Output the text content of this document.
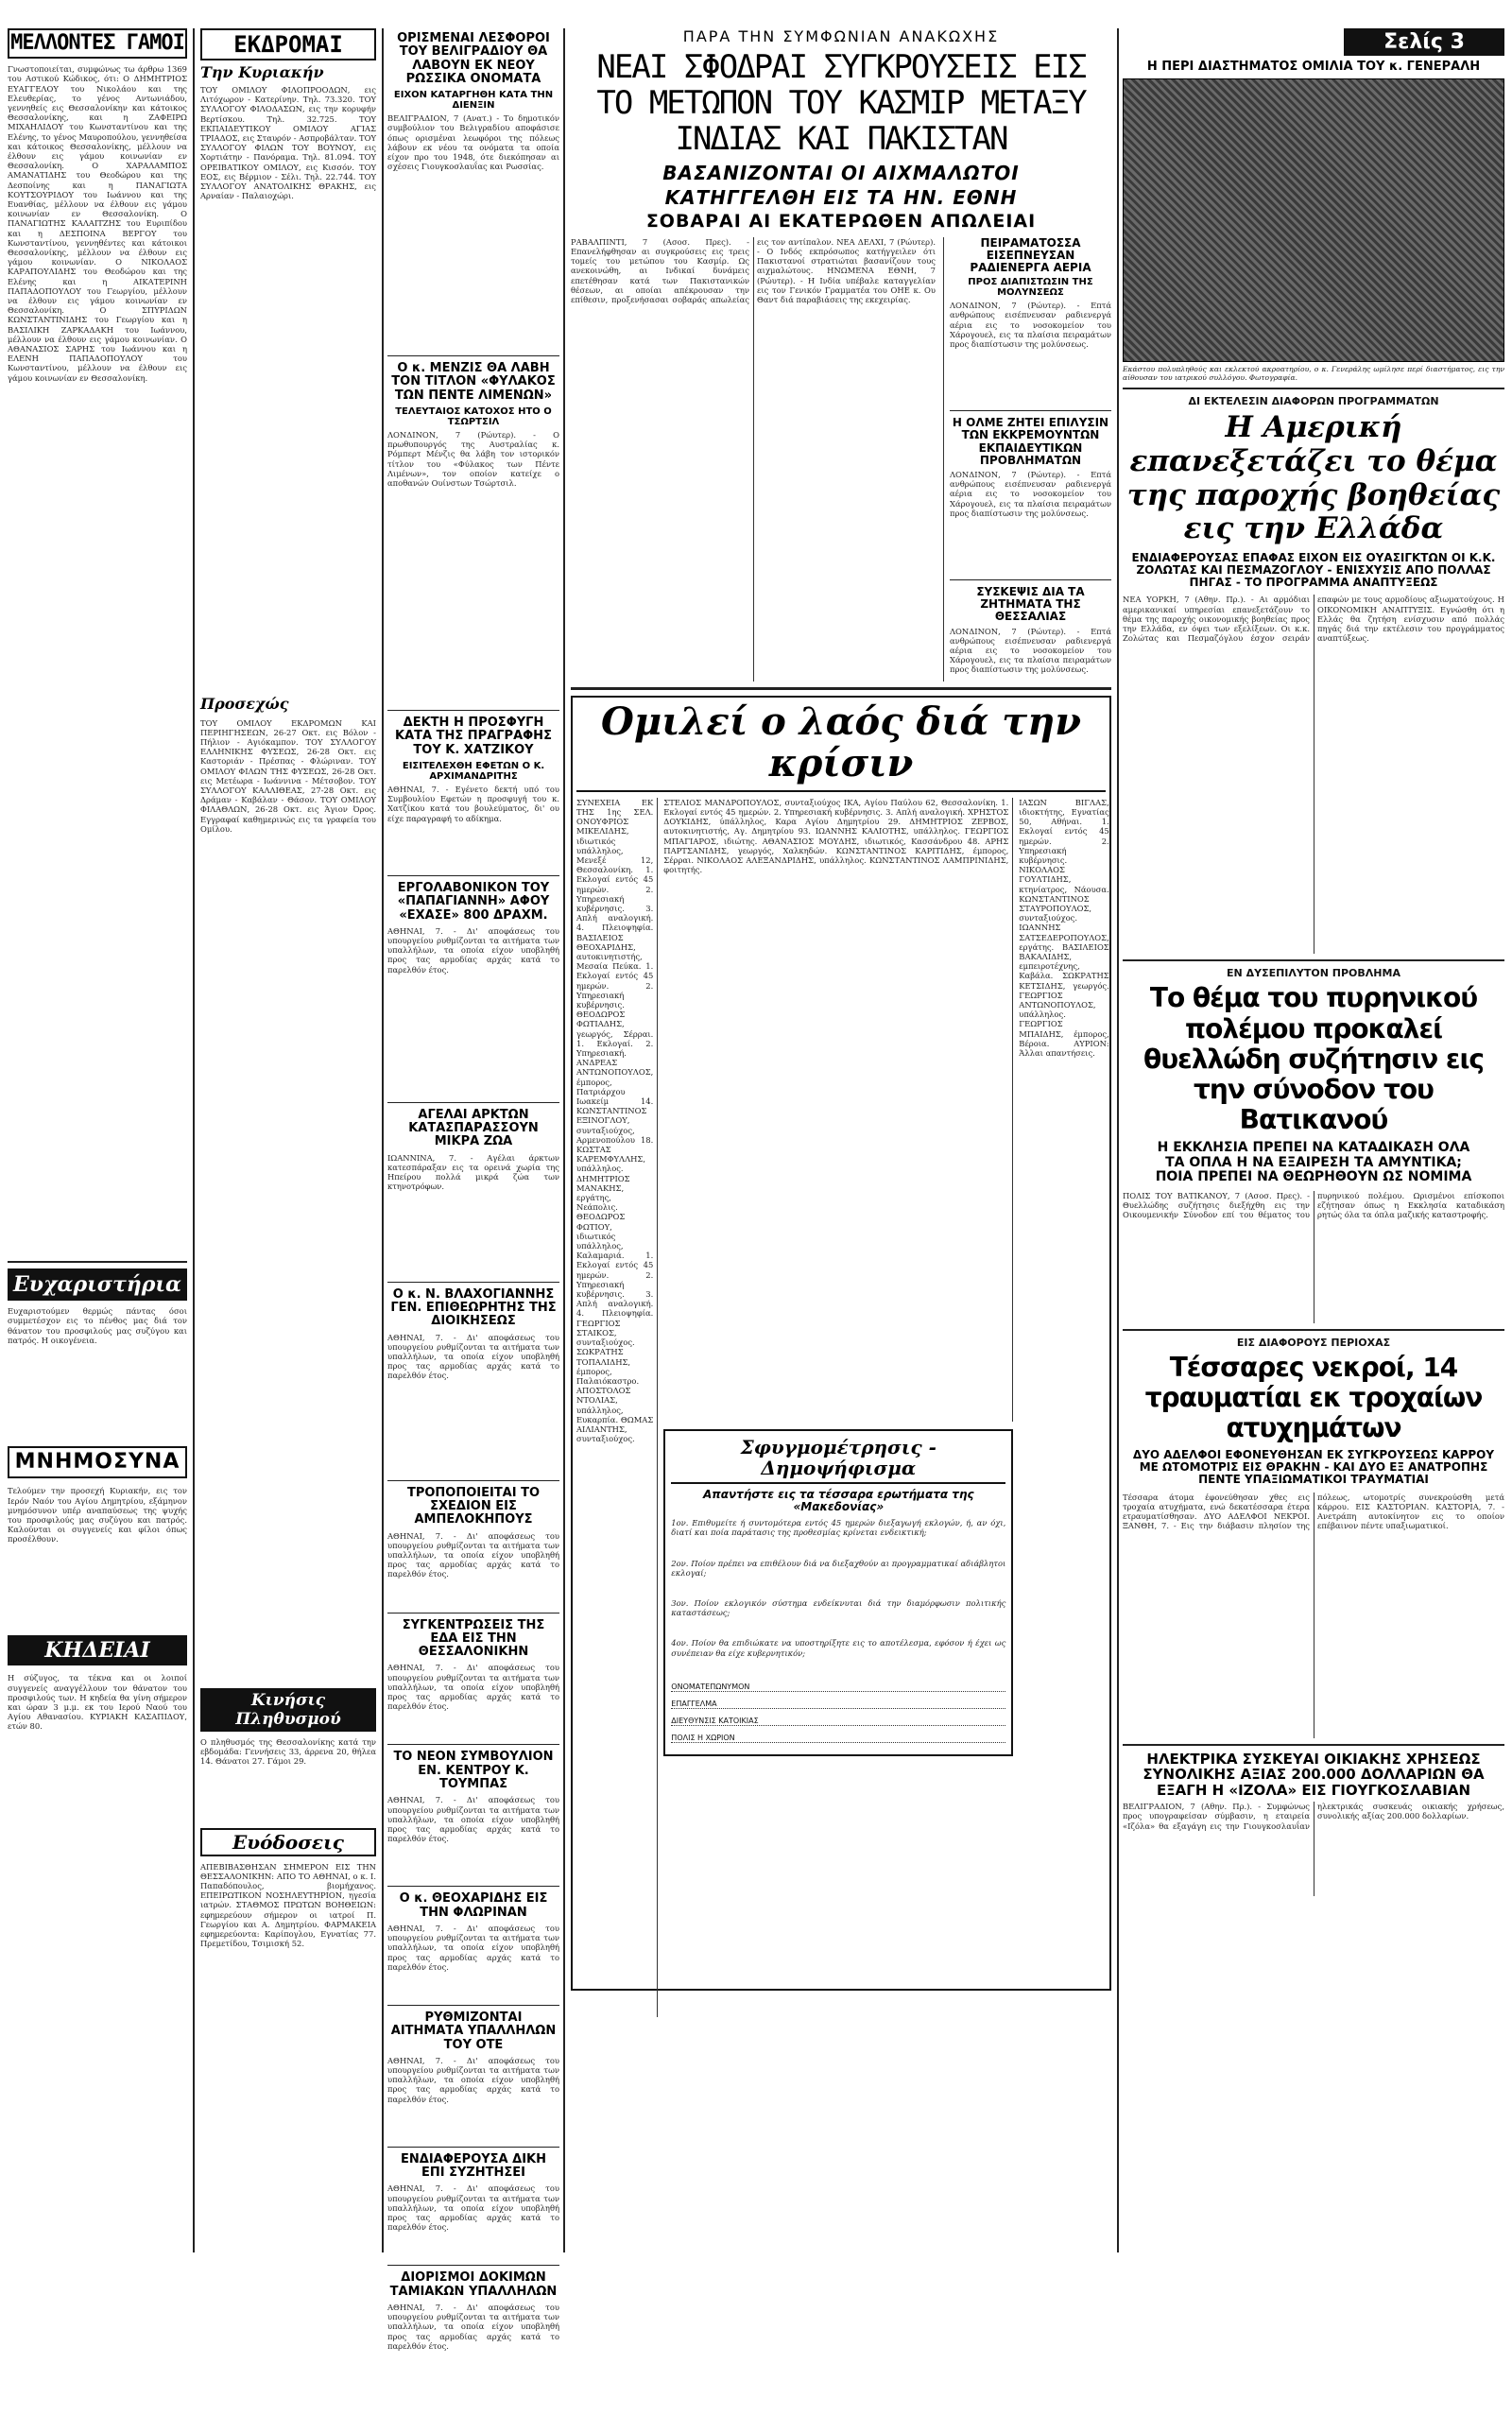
ΜΕΛΛΟΝΤΕΣ ΓΑΜΟΙ
Γνωστοποιείται, συμφώνως τω άρθρω 1369 του Αστικού Κώδικος, ότι: Ο ΔΗΜΗΤΡΙΟΣ ΕΥΑΓΓΕΛΟΥ του Νικολάου και της Ελευθερίας, το γένος Αντωνιάδου, γεννηθείς εις Θεσσαλονίκην και κάτοικος Θεσσαλονίκης, και η ΖΑΦΕΙΡΩ ΜΙΧΑΗΛΙΔΟΥ του Κωνσταντίνου και της Ελένης, το γένος Μαυροπούλου, γεννηθείσα και κάτοικος Θεσσαλονίκης, μέλλουν να έλθουν εις γάμου κοινωνίαν εν Θεσσαλονίκη. Ο ΧΑΡΑΛΑΜΠΟΣ ΑΜΑΝΑΤΙΔΗΣ του Θεοδώρου και της Δεσποίνης και η ΠΑΝΑΓΙΩΤΑ ΚΟΥΤΣΟΥΡΙΔΟΥ του Ιωάννου και της Ευανθίας, μέλλουν να έλθουν εις γάμου κοινωνίαν εν Θεσσαλονίκη. Ο ΠΑΝΑΓΙΩΤΗΣ ΚΑΛΑΙΤΖΗΣ του Ευριπίδου και η ΔΕΣΠΟΙΝΑ ΒΕΡΓΟΥ του Κωνσταντίνου, γεννηθέντες και κάτοικοι Θεσσαλονίκης, μέλλουν να έλθουν εις γάμου κοινωνίαν. Ο ΝΙΚΟΛΑΟΣ ΚΑΡΑΠΟΥΛΙΔΗΣ του Θεοδώρου και της Ελένης και η ΑΙΚΑΤΕΡΙΝΗ ΠΑΠΑΔΟΠΟΥΛΟΥ του Γεωργίου, μέλλουν να έλθουν εις γάμου κοινωνίαν εν Θεσσαλονίκη. Ο ΣΠΥΡΙΔΩΝ ΚΩΝΣΤΑΝΤΙΝΙΔΗΣ του Γεωργίου και η ΒΑΣΙΛΙΚΗ ΖΑΡΚΑΔΑΚΗ του Ιωάννου, μέλλουν να έλθουν εις γάμου κοινωνίαν. Ο ΑΘΑΝΑΣΙΟΣ ΣΑΡΗΣ του Ιωάννου και η ΕΛΕΝΗ ΠΑΠΑΔΟΠΟΥΛΟΥ του Κωνσταντίνου, μέλλουν να έλθουν εις γάμου κοινωνίαν εν Θεσσαλονίκη.
Ευχαριστήρια
Ευχαριστούμεν θερμώς πάντας όσοι συμμετέσχον εις το πένθος μας διά τον θάνατον του προσφιλούς μας συζύγου και πατρός. Η οικογένεια.
ΜΝΗΜΟΣΥΝΑ
Τελούμεν την προσεχή Κυριακήν, εις τον Ιερόν Ναόν του Αγίου Δημητρίου, εξάμηνον μνημόσυνον υπέρ αναπαύσεως της ψυχής του προσφιλούς μας συζύγου και πατρός. Καλούνται οι συγγενείς και φίλοι όπως προσέλθουν.
ΚΗΔΕΙΑΙ
Η σύζυγος, τα τέκνα και οι λοιποί συγγενείς αναγγέλλουν τον θάνατον του προσφιλούς των. Η κηδεία θα γίνη σήμερον και ώραν 3 μ.μ. εκ του Ιερού Ναού του Αγίου Αθανασίου. ΚΥΡΙΑΚΗ ΚΑΣΑΠΙΔΟΥ, ετών 80.
ΕΚΔΡΟΜΑΙ
Την Κυριακήν
ΤΟΥ ΟΜΙΛΟΥ ΦΙΛΟΠΡΟΟΔΩΝ, εις Λιτόχωρον - Κατερίνην. Τηλ. 73.320. ΤΟΥ ΣΥΛΛΟΓΟΥ ΦΙΛΟΔΑΣΩΝ, εις την κορυφήν Βερτίσκου. Τηλ. 32.725. ΤΟΥ ΕΚΠΑΙΔΕΥΤΙΚΟΥ ΟΜΙΛΟΥ ΑΓΙΑΣ ΤΡΙΑΔΟΣ, εις Σταυρόν - Ασπροβάλταν. ΤΟΥ ΣΥΛΛΟΓΟΥ ΦΙΛΩΝ ΤΟΥ ΒΟΥΝΟΥ, εις Χορτιάτην - Πανόραμα. Τηλ. 81.094. ΤΟΥ ΟΡΕΙΒΑΤΙΚΟΥ ΟΜΙΛΟΥ, εις Κισσόν. ΤΟΥ ΕΟΣ, εις Βέρμιον - Σέλι. Τηλ. 22.744. ΤΟΥ ΣΥΛΛΟΓΟΥ ΑΝΑΤΟΛΙΚΗΣ ΘΡΑΚΗΣ, εις Αρναίαν - Παλαιοχώρι.
Προσεχώς
ΤΟΥ ΟΜΙΛΟΥ ΕΚΔΡΟΜΩΝ ΚΑΙ ΠΕΡΙΗΓΗΣΕΩΝ, 26-27 Οκτ. εις Βόλον - Πήλιον - Αγιόκαμπον. ΤΟΥ ΣΥΛΛΟΓΟΥ ΕΛΛΗΝΙΚΗΣ ΦΥΣΕΩΣ, 26-28 Οκτ. εις Καστοριάν - Πρέσπας - Φλώριναν. ΤΟΥ ΟΜΙΛΟΥ ΦΙΛΩΝ ΤΗΣ ΦΥΣΕΩΣ, 26-28 Οκτ. εις Μετέωρα - Ιωάννινα - Μέτσοβον. ΤΟΥ ΣΥΛΛΟΓΟΥ ΚΑΛΛΙΘΕΑΣ, 27-28 Οκτ. εις Δράμαν - Καβάλαν - Θάσον. ΤΟΥ ΟΜΙΛΟΥ ΦΙΛΑΘΛΩΝ, 26-28 Οκτ. εις Άγιον Όρος. Εγγραφαί καθημερινώς εις τα γραφεία του Ομίλου.
Κινήσις Πληθυσμού
Ο πληθυσμός της Θεσσαλονίκης κατά την εβδομάδα: Γεννήσεις 33, άρρενα 20, θήλεα 14. Θάνατοι 27. Γάμοι 29.
Ευόδοσεις
ΑΠΕΒΙΒΑΣΘΗΣΑΝ ΣΗΜΕΡΟΝ ΕΙΣ ΤΗΝ ΘΕΣΣΑΛΟΝΙΚΗΝ: ΑΠΟ ΤΟ ΑΘΗΝΑΙ, ο κ. Ι. Παπαδόπουλος, βιομήχανος. ΕΠΕΙΡΩΤΙΚΟΝ ΝΟΣΗΛΕΥΤΗΡΙΟΝ, ηγεσία ιατρών. ΣΤΑΘΜΟΣ ΠΡΩΤΩΝ ΒΟΗΘΕΙΩΝ: εφημερεύουν σήμερον οι ιατροί Π. Γεωργίου και Α. Δημητρίου. ΦΑΡΜΑΚΕΙΑ εφημερεύοντα: Καρίπογλου, Εγνατίας 77. Πρεμετίδου, Τσιμισκή 52.
ΟΡΙΣΜΕΝΑΙ ΛΕΣΦΟΡΟΙ ΤΟΥ ΒΕΛΙΓΡΑΔΙΟΥ ΘΑ ΛΑΒΟΥΝ ΕΚ ΝΕΟΥ ΡΩΣΣΙΚΑ ΟΝΟΜΑΤΑ
ΕΙΧΟΝ ΚΑΤΑΡΓΗΘΗ ΚΑΤΑ ΤΗΝ ΔΙΕΝΞΙΝ
ΒΕΛΙΓΡΑΔΙΟΝ, 7 (Ανατ.) - Το δημοτικόν συμβούλιον του Βελιγραδίου αποφάσισε όπως ορισμέναι λεωφόροι της πόλεως λάβουν εκ νέου τα ονόματα τα οποία είχον προ του 1948, ότε διεκόπησαν αι σχέσεις Γιουγκοσλαυΐας και Ρωσσίας.
Ο κ. ΜΕΝΖΙΣ ΘΑ ΛΑΒΗ ΤΟΝ ΤΙΤΛΟΝ «ΦΥΛΑΚΟΣ ΤΩΝ ΠΕΝΤΕ ΛΙΜΕΝΩΝ»
ΤΕΛΕΥΤΑΙΟΣ ΚΑΤΟΧΟΣ ΗΤΟ Ο ΤΣΩΡΤΣΙΛ
ΛΟΝΔΙΝΟΝ, 7 (Ρώυτερ). - Ο πρωθυπουργός της Αυστραλίας κ. Ρόμπερτ Μένζις θα λάβη τον ιστορικόν τίτλον του «Φύλακος των Πέντε Λιμένων», τον οποίον κατείχε ο αποθανών Ουίνστων Τσώρτσιλ.
ΔΕΚΤΗ Η ΠΡΟΣΦΥΓΗ ΚΑΤΑ ΤΗΣ ΠΡΑΓΡΑΦΗΣ ΤΟΥ Κ. ΧΑΤΖΙΚΟΥ
ΕΙΣΙΤΕΛΕΧΘΗ ΕΦΕΤΩΝ Ο Κ. ΑΡΧΙΜΑΝΔΡΙΤΗΣ
ΑΘΗΝΑΙ, 7. - Εγένετο δεκτή υπό του Συμβουλίου Εφετών η προσφυγή του κ. Χατζίκου κατά του βουλεύματος, δι' ου είχε παραγραφή το αδίκημα.
ΕΡΓΟΛΑΒΟΝΙΚΟΝ ΤΟΥ «ΠΑΠΑΓΙΑΝΝΗ» ΑΦΟΥ «ΕΧΑΣΕ» 800 ΔΡΑΧΜ.
ΑΘΗΝΑΙ, 7. - Δι' αποφάσεως του υπουργείου ρυθμίζονται τα αιτήματα των υπαλλήλων, τα οποία είχον υποβληθή προς τας αρμοδίας αρχάς κατά το παρελθόν έτος.
ΑΓΕΛΑΙ ΑΡΚΤΩΝ ΚΑΤΑΣΠΑΡΑΣΣΟΥΝ ΜΙΚΡΑ ΖΩΑ
ΙΩΑΝΝΙΝΑ, 7. - Αγέλαι άρκτων κατεσπάραξαν εις τα ορεινά χωρία της Ηπείρου πολλά μικρά ζώα των κτηνοτρόφων.
Ο κ. Ν. ΒΛΑΧΟΓΙΑΝΝΗΣ ΓΕΝ. ΕΠΙΘΕΩΡΗΤΗΣ ΤΗΣ ΔΙΟΙΚΗΣΕΩΣ
ΑΘΗΝΑΙ, 7. - Δι' αποφάσεως του υπουργείου ρυθμίζονται τα αιτήματα των υπαλλήλων, τα οποία είχον υποβληθή προς τας αρμοδίας αρχάς κατά το παρελθόν έτος.
ΤΡΟΠΟΠΟΙΕΙΤΑΙ ΤΟ ΣΧΕΔΙΟΝ ΕΙΣ ΑΜΠΕΛΟΚΗΠΟΥΣ
ΑΘΗΝΑΙ, 7. - Δι' αποφάσεως του υπουργείου ρυθμίζονται τα αιτήματα των υπαλλήλων, τα οποία είχον υποβληθή προς τας αρμοδίας αρχάς κατά το παρελθόν έτος.
ΣΥΓΚΕΝΤΡΩΣΕΙΣ ΤΗΣ ΕΔΑ ΕΙΣ ΤΗΝ ΘΕΣΣΑΛΟΝΙΚΗΝ
ΑΘΗΝΑΙ, 7. - Δι' αποφάσεως του υπουργείου ρυθμίζονται τα αιτήματα των υπαλλήλων, τα οποία είχον υποβληθή προς τας αρμοδίας αρχάς κατά το παρελθόν έτος.
ΤΟ ΝΕΟΝ ΣΥΜΒΟΥΛΙΟΝ ΕΝ. ΚΕΝΤΡΟΥ Κ. ΤΟΥΜΠΑΣ
ΑΘΗΝΑΙ, 7. - Δι' αποφάσεως του υπουργείου ρυθμίζονται τα αιτήματα των υπαλλήλων, τα οποία είχον υποβληθή προς τας αρμοδίας αρχάς κατά το παρελθόν έτος.
Ο κ. ΘΕΟΧΑΡΙΔΗΣ ΕΙΣ ΤΗΝ ΦΛΩΡΙΝΑΝ
ΑΘΗΝΑΙ, 7. - Δι' αποφάσεως του υπουργείου ρυθμίζονται τα αιτήματα των υπαλλήλων, τα οποία είχον υποβληθή προς τας αρμοδίας αρχάς κατά το παρελθόν έτος.
ΡΥΘΜΙΖΟΝΤΑΙ ΑΙΤΗΜΑΤΑ ΥΠΑΛΛΗΛΩΝ ΤΟΥ ΟΤΕ
ΑΘΗΝΑΙ, 7. - Δι' αποφάσεως του υπουργείου ρυθμίζονται τα αιτήματα των υπαλλήλων, τα οποία είχον υποβληθή προς τας αρμοδίας αρχάς κατά το παρελθόν έτος.
ΕΝΔΙΑΦΕΡΟΥΣΑ ΔΙΚΗ ΕΠΙ ΣΥΖΗΤΗΣΕΙ
ΑΘΗΝΑΙ, 7. - Δι' αποφάσεως του υπουργείου ρυθμίζονται τα αιτήματα των υπαλλήλων, τα οποία είχον υποβληθή προς τας αρμοδίας αρχάς κατά το παρελθόν έτος.
ΔΙΟΡΙΣΜΟΙ ΔΟΚΙΜΩΝ ΤΑΜΙΑΚΩΝ ΥΠΑΛΛΗΛΩΝ
ΑΘΗΝΑΙ, 7. - Δι' αποφάσεως του υπουργείου ρυθμίζονται τα αιτήματα των υπαλλήλων, τα οποία είχον υποβληθή προς τας αρμοδίας αρχάς κατά το παρελθόν έτος.
ΠΑΡΑ ΤΗΝ ΣΥΜΦΩΝΙΑΝ ΑΝΑΚΩΧΗΣ
ΝΕΑΙ ΣΦΟΔΡΑΙ ΣΥΓΚΡΟΥΣΕΙΣ ΕΙΣ ΤΟ ΜΕΤΩΠΟΝ ΤΟΥ ΚΑΣΜΙΡ ΜΕΤΑΞΥ ΙΝΔΙΑΣ ΚΑΙ ΠΑΚΙΣΤΑΝ
ΒΑΣΑΝΙΖΟΝΤΑΙ ΟΙ ΑΙΧΜΑΛΩΤΟΙ
ΚΑΤΗΓΓΕΛΘΗ ΕΙΣ ΤΑ ΗΝ. ΕΘΝΗ
ΣΟΒΑΡΑΙ ΑΙ ΕΚΑΤΕΡΩΘΕΝ ΑΠΩΛΕΙΑΙ
ΡΑΒΑΛΠΙΝΤΙ, 7 (Ασοσ. Πρες). - Επανελήφθησαν αι συγκρούσεις εις τρεις τομείς του μετώπου του Κασμίρ. Ως ανεκοινώθη, αι Ινδικαί δυνάμεις επετέθησαν κατά των Πακιστανικών θέσεων, αι οποίαι απέκρουσαν την επίθεσιν, προξενήσασαι σοβαράς απωλείας εις τον αντίπαλον. ΝΕΑ ΔΕΛΧΙ, 7 (Ρώυτερ). - Ο Ινδός εκπρόσωπος κατήγγειλεν ότι Πακιστανοί στρατιώται βασανίζουν τους αιχμαλώτους. ΗΝΩΜΕΝΑ ΕΘΝΗ, 7 (Ρώυτερ). - Η Ινδία υπέβαλε καταγγελίαν εις τον Γενικόν Γραμματέα του ΟΗΕ κ. Ου Θαντ διά παραβιάσεις της εκεχειρίας.
ΠΕΙΡΑΜΑΤΟΣΣΑ ΕΙΣΕΠΝΕΥΣΑΝ ΡΑΔΙΕΝΕΡΓΑ ΑΕΡΙΑ
ΠΡΟΣ ΔΙΑΠΙΣΤΩΣΙΝ ΤΗΣ ΜΟΛΥΝΣΕΩΣ
ΛΟΝΔΙΝΟΝ, 7 (Ρώυτερ). - Επτά ανθρώπους εισέπνευσαν ραδιενεργά αέρια εις το νοσοκομείον του Χάρογουελ, εις τα πλαίσια πειραμάτων προς διαπίστωσιν της μολύνσεως.
Η ΟΛΜΕ ΖΗΤΕΙ ΕΠΙΛΥΣΙΝ ΤΩΝ ΕΚΚΡΕΜΟΥΝΤΩΝ ΕΚΠΑΙΔΕΥΤΙΚΩΝ ΠΡΟΒΛΗΜΑΤΩΝ
ΛΟΝΔΙΝΟΝ, 7 (Ρώυτερ). - Επτά ανθρώπους εισέπνευσαν ραδιενεργά αέρια εις το νοσοκομείον του Χάρογουελ, εις τα πλαίσια πειραμάτων προς διαπίστωσιν της μολύνσεως.
ΣΥΣΚΕΨΙΣ ΔΙΑ ΤΑ ΖΗΤΗΜΑΤΑ ΤΗΣ ΘΕΣΣΑΛΙΑΣ
ΛΟΝΔΙΝΟΝ, 7 (Ρώυτερ). - Επτά ανθρώπους εισέπνευσαν ραδιενεργά αέρια εις το νοσοκομείον του Χάρογουελ, εις τα πλαίσια πειραμάτων προς διαπίστωσιν της μολύνσεως.
Ομιλεί ο λαός διά την κρίσιν
ΣΥΝΕΧΕΙΑ ΕΚ ΤΗΣ 1ης ΣΕΛ. ΟΝΟΥΦΡΙΟΣ ΜΙΚΕΛΙΔΗΣ, ιδιωτικός υπάλληλος, Μενεξέ 12, Θεσσαλονίκη. 1. Εκλογαί εντός 45 ημερών. 2. Υπηρεσιακή κυβέρνησις. 3. Απλή αναλογική. 4. Πλειοψηφία. ΒΑΣΙΛΕΙΟΣ ΘΕΟΧΑΡΙΔΗΣ, αυτοκινητιστής, Μεσαία Πεύκα. 1. Εκλογαί εντός 45 ημερών. 2. Υπηρεσιακή κυβέρνησις. ΘΕΟΔΩΡΟΣ ΦΩΤΙΑΔΗΣ, γεωργός, Σέρραι. 1. Εκλογαί. 2. Υπηρεσιακή. ΑΝΔΡΕΑΣ ΑΝΤΩΝΟΠΟΥΛΟΣ, έμπορος, Πατριάρχου Ιωακείμ 14. ΚΩΝΣΤΑΝΤΙΝΟΣ ΕΞΙΝΟΓΛΟΥ, συνταξιούχος, Αρμενοπούλου 18. ΚΩΣΤΑΣ ΚΑΡΕΜΦΥΛΛΗΣ, υπάλληλος. ΔΗΜΗΤΡΙΟΣ ΜΑΝΑΚΗΣ, εργάτης, Νεάπολις. ΘΕΟΔΩΡΟΣ ΦΩΤΙΟΥ, ιδιωτικός υπάλληλος, Καλαμαριά. 1. Εκλογαί εντός 45 ημερών. 2. Υπηρεσιακή κυβέρνησις. 3. Απλή αναλογική. 4. Πλειοψηφία. ΓΕΩΡΓΙΟΣ ΣΤΑΙΚΟΣ, συνταξιούχος. ΣΩΚΡΑΤΗΣ ΤΟΠΑΛΙΔΗΣ, έμπορος, Παλαιόκαστρο. ΑΠΟΣΤΟΛΟΣ ΝΤΟΛΙΑΣ, υπάλληλος, Ευκαρπία. ΘΩΜΑΣ ΑΙΛΙΑΝΤΗΣ, συνταξιούχος.
ΣΤΕΛΙΟΣ ΜΑΝΔΡΟΠΟΥΛΟΣ, συνταξιούχος ΙΚΑ, Αγίου Παύλου 62, Θεσσαλονίκη. 1. Εκλογαί εντός 45 ημερών. 2. Υπηρεσιακή κυβέρνησις. 3. Απλή αναλογική. ΧΡΗΣΤΟΣ ΔΟΥΚΙΔΗΣ, ύπάλληλος, Καρα Αγίου Δημητρίου 29. ΔΗΜΗΤΡΙΟΣ ΖΕΡΒΟΣ, αυτοκινητιστής, Αγ. Δημητρίου 93. ΙΩΑΝΝΗΣ ΚΑΛΙΟΤΗΣ, υπάλληλος. ΓΕΩΡΓΙΟΣ ΜΠΑΓΙΑΡΟΣ, ιδιώτης. ΑΘΑΝΑΣΙΟΣ ΜΟΥΔΗΣ, ιδιωτικός, Κασσάνδρου 48. ΑΡΗΣ ΠΑΡΤΣΑΝΙΔΗΣ, γεωργός, Χαλκηδών. ΚΩΝΣΤΑΝΤΙΝΟΣ ΚΑΡΙΤΙΔΗΣ, έμπορος, Σέρραι. ΝΙΚΟΛΑΟΣ ΑΛΕΞΑΝΔΡΙΔΗΣ, υπάλληλος. ΚΩΝΣΤΑΝΤΙΝΟΣ ΛΑΜΠΡΙΝΙΔΗΣ, φοιτητής.
Σφυγμομέτρησις - Δημοψήφισμα
Απαντήστε εις τα τέσσαρα ερωτήματα της «Μακεδονίας»
1ον. Επιθυμείτε ή συντομότερα εντός 45 ημερών διεξαγωγή εκλογών, ή, αν όχι, διατί και ποία παράτασις της προθεσμίας κρίνεται ενδεικτική;
2ον. Ποίον πρέπει να επιθέλουν διά να διεξαχθούν αι προγραμματικαί αδιάβλητοι εκλογαί;
3ον. Ποίον εκλογικόν σύστημα ενδείκνυται διά την διαμόρφωσιν πολιτικής καταστάσεως;
4ον. Ποίον θα επιδιώκατε να υποστηρίξητε εις το αποτέλεσμα, εφόσον ή έχει ως συνέπειαν θα είχε κυβερνητικόν;
ΟΝΟΜΑΤΕΠΩΝΥΜΟΝ
ΕΠΑΓΓΕΛΜΑ
ΔΙΕΥΘΥΝΣΙΣ ΚΑΤΟΙΚΙΑΣ
ΠΟΛΙΣ Η ΧΩΡΙΟΝ
ΙΑΣΩΝ ΒΙΓΛΑΣ, ιδιοκτήτης, Εγνατίας 50, Αθήναι. 1. Εκλογαί εντός 45 ημερών. 2. Υπηρεσιακή κυβέρνησις. ΝΙΚΟΛΑΟΣ ΓΟΥΛΤΙΔΗΣ, κτηνίατρος, Νάουσα. ΚΩΝΣΤΑΝΤΙΝΟΣ ΣΤΑΥΡΟΠΟΥΛΟΣ, συνταξιούχος. ΙΩΑΝΝΗΣ ΣΑΤΣΕΔΕΡΟΠΟΥΛΟΣ, εργάτης. ΒΑΣΙΛΕΙΟΣ ΒΑΚΑΛΙΔΗΣ, εμπειροτέχνης, Καβάλα. ΣΩΚΡΑΤΗΣ ΚΕΤΣΙΔΗΣ, γεωργός. ΓΕΩΡΓΙΟΣ ΑΝΤΩΝΟΠΟΥΛΟΣ, υπάλληλος. ΓΕΩΡΓΙΟΣ ΜΠΑΙΔΗΣ, έμπορος, Βέροια. ΑΥΡΙΟΝ: Άλλαι απαντήσεις.
Σελίς 3
Η ΠΕΡΙ ΔΙΑΣΤΗΜΑΤΟΣ ΟΜΙΛΙΑ ΤΟΥ κ. ΓΕΝΕΡΑΛΗ
Εκάστου πολυπληθούς και εκλεκτού ακροατηρίου, ο κ. Γενεράλης ωμίλησε περί διαστήματος, εις την αίθουσαν του ιατρικού συλλόγου. Φωτογραφία.
ΔΙ ΕΚΤΕΛΕΣΙΝ ΔΙΑΦΟΡΩΝ ΠΡΟΓΡΑΜΜΑΤΩΝ
Η Αμερική επανεξετάζει το θέμα της παροχής βοηθείας εις την Ελλάδα
ΕΝΔΙΑΦΕΡΟΥΣΑΣ ΕΠΑΦΑΣ ΕΙΧΟΝ ΕΙΣ ΟΥΑΣΙΓΚΤΩΝ ΟΙ Κ.Κ. ΖΟΛΩΤΑΣ ΚΑΙ ΠΕΣΜΑΖΟΓΛΟΥ - ΕΝΙΣΧΥΣΙΣ ΑΠΟ ΠΟΛΛΑΣ ΠΗΓΑΣ - ΤΟ ΠΡΟΓΡΑΜΜΑ ΑΝΑΠΤΥΞΕΩΣ
ΝΕΑ ΥΟΡΚΗ, 7 (Αθην. Πρ.). - Αι αρμόδιαι αμερικανικαί υπηρεσίαι επανεξετάζουν το θέμα της παροχής οικονομικής βοηθείας προς την Ελλάδα, εν όψει των εξελίξεων. Οι κ.κ. Ζολώτας και Πεσμαζόγλου έσχον σειράν επαφών με τους αρμοδίους αξιωματούχους. Η ΟΙΚΟΝΟΜΙΚΗ ΑΝΑΠΤΥΞΙΣ. Εγνώσθη ότι η Ελλάς θα ζητήση ενίσχυσιν από πολλάς πηγάς διά την εκτέλεσιν του προγράμματος αναπτύξεως.
ΕΝ ΔΥΣΕΠΙΛΥΤΟΝ ΠΡΟΒΛΗΜΑ
Το θέμα του πυρηνικού πολέμου προκαλεί θυελλώδη συζήτησιν εις την σύνοδον του Βατικανού
Η ΕΚΚΛΗΣΙΑ ΠΡΕΠΕΙ ΝΑ ΚΑΤΑΔΙΚΑΣΗ ΟΛΑ
ΤΑ ΟΠΛΑ Η ΝΑ ΕΞΑΙΡΕΣΗ ΤΑ ΑΜΥΝΤΙΚΑ;
ΠΟΙΑ ΠΡΕΠΕΙ ΝΑ ΘΕΩΡΗΘΟΥΝ ΩΣ ΝΟΜΙΜΑ
ΠΟΛΙΣ ΤΟΥ ΒΑΤΙΚΑΝΟΥ, 7 (Ασοσ. Πρες). - Θυελλώδης συζήτησις διεξήχθη εις την Οικουμενικήν Σύνοδον επί του θέματος του πυρηνικού πολέμου. Ωρισμένοι επίσκοποι εζήτησαν όπως η Εκκλησία καταδικάση ρητώς όλα τα όπλα μαζικής καταστροφής.
ΕΙΣ ΔΙΑΦΟΡΟΥΣ ΠΕΡΙΟΧΑΣ
Τέσσαρες νεκροί, 14 τραυματίαι εκ τροχαίων ατυχημάτων
ΔΥΟ ΑΔΕΛΦΟΙ ΕΦΟΝΕΥΘΗΣΑΝ ΕΚ ΣΥΓΚΡΟΥΣΕΩΣ ΚΑΡΡΟΥ ΜΕ ΩΤΟΜΟΤΡΙΣ ΕΙΣ ΘΡΑΚΗΝ - ΚΑΙ ΔΥΟ ΕΞ ΑΝΑΤΡΟΠΗΣ ΠΕΝΤΕ ΥΠΑΞΙΩΜΑΤΙΚΟΙ ΤΡΑΥΜΑΤΙΑΙ
Τέσσαρα άτομα έφονεύθησαν χθες εις τροχαία ατυχήματα, ενώ δεκατέσσαρα έτερα ετραυματίσθησαν. ΔΥΟ ΑΔΕΛΦΟΙ ΝΕΚΡΟΙ. ΞΑΝΘΗ, 7. - Εις την διάβασιν πλησίον της πόλεως, ωτομοτρίς συνεκρούσθη μετά κάρρου. ΕΙΣ ΚΑΣΤΟΡΙΑΝ. ΚΑΣΤΟΡΙΑ, 7. - Ανετράπη αυτοκίνητον εις το οποίον επέβαινον πέντε υπαξιωματικοί.
ΗΛΕΚΤΡΙΚΑ ΣΥΣΚΕΥΑΙ ΟΙΚΙΑΚΗΣ ΧΡΗΣΕΩΣ ΣΥΝΟΛΙΚΗΣ ΑΞΙΑΣ 200.000 ΔΟΛΛΑΡΙΩΝ ΘΑ ΕΞΑΓΗ Η «ΙΖΟΛΑ» ΕΙΣ ΓΙΟΥΓΚΟΣΛΑΒΙΑΝ
ΒΕΛΙΓΡΑΔΙΟΝ, 7 (Αθην. Πρ.). - Συμφώνως προς υπογραφείσαν σύμβασιν, η εταιρεία «Ιζόλα» θα εξαγάγη εις την Γιουγκοσλαυΐαν ηλεκτρικάς συσκευάς οικιακής χρήσεως, συνολικής αξίας 200.000 δολλαρίων.
